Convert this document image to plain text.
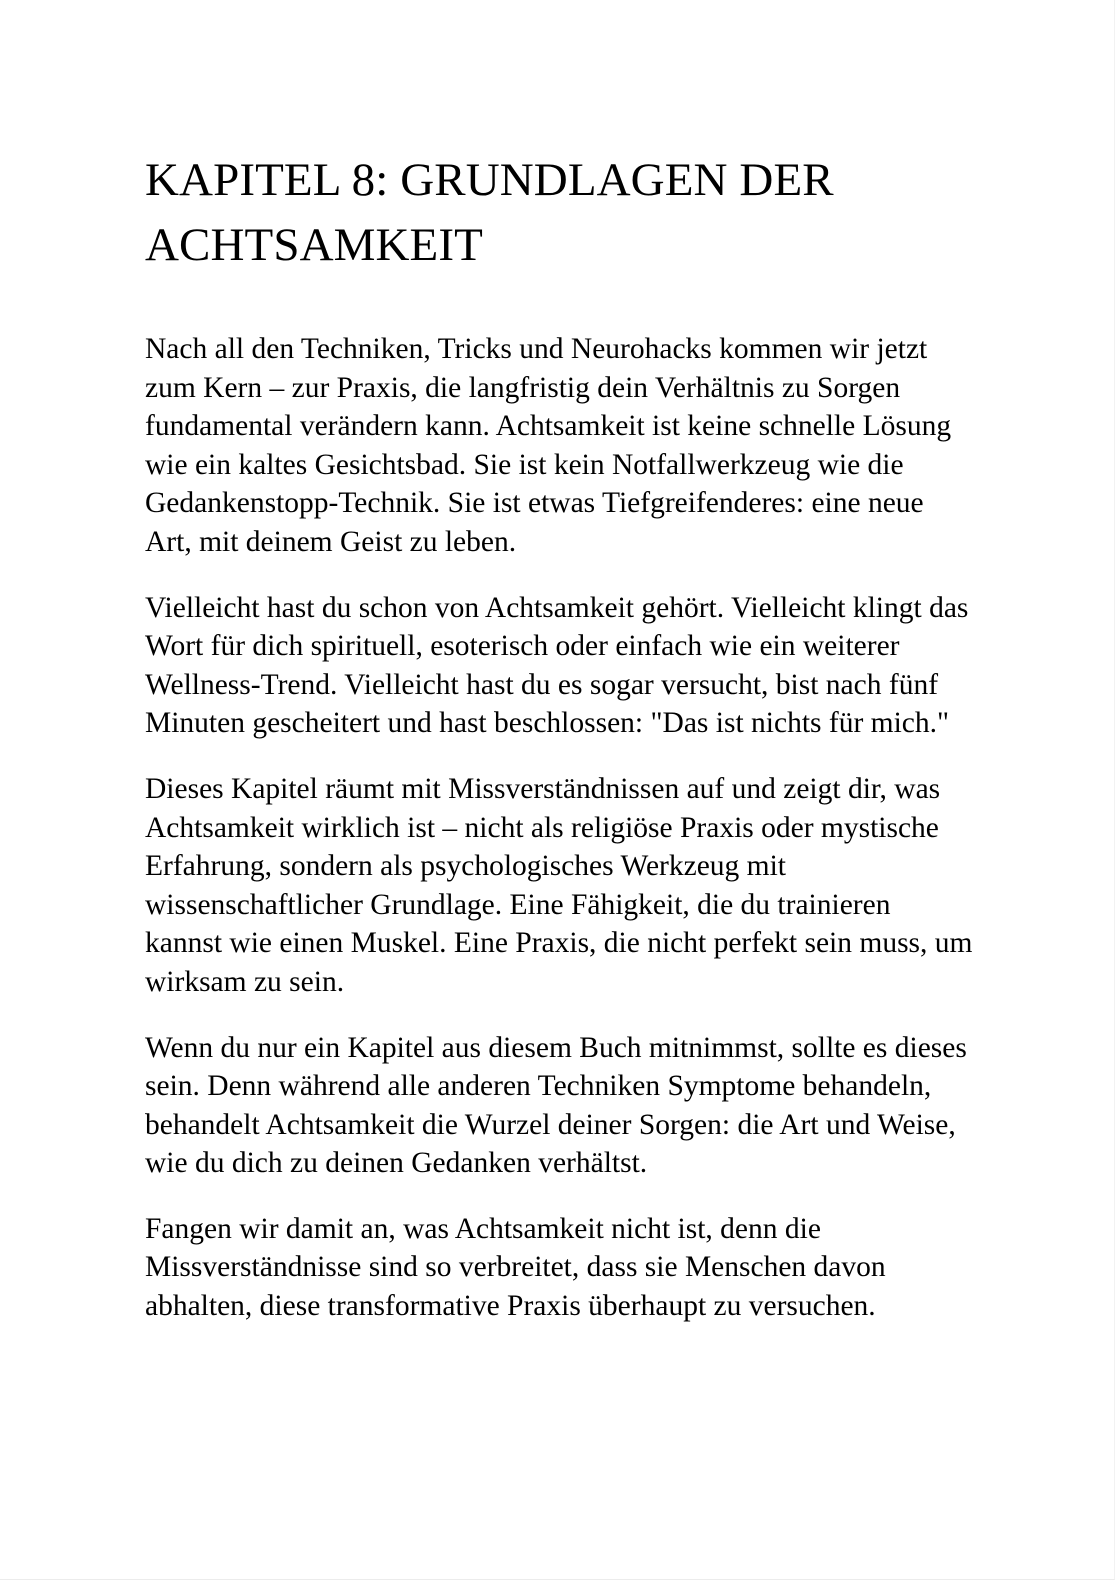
KAPITEL 8: GRUNDLAGEN DER ACHTSAMKEIT

Nach all den Techniken, Tricks und Neurohacks kommen wir jetzt zum Kern – zur Praxis, die langfristig dein Verhältnis zu Sorgen fundamental verändern kann. Achtsamkeit ist keine schnelle Lösung wie ein kaltes Gesichtsbad. Sie ist kein Notfallwerkzeug wie die Gedankenstopp-Technik. Sie ist etwas Tiefgreifenderes: eine neue Art, mit deinem Geist zu leben.

Vielleicht hast du schon von Achtsamkeit gehört. Vielleicht klingt das Wort für dich spirituell, esoterisch oder einfach wie ein weiterer Wellness-Trend. Vielleicht hast du es sogar versucht, bist nach fünf Minuten gescheitert und hast beschlossen: "Das ist nichts für mich."

Dieses Kapitel räumt mit Missverständnissen auf und zeigt dir, was Achtsamkeit wirklich ist – nicht als religiöse Praxis oder mystische Erfahrung, sondern als psychologisches Werkzeug mit wissenschaftlicher Grundlage. Eine Fähigkeit, die du trainieren kannst wie einen Muskel. Eine Praxis, die nicht perfekt sein muss, um wirksam zu sein.

Wenn du nur ein Kapitel aus diesem Buch mitnimmst, sollte es dieses sein. Denn während alle anderen Techniken Symptome behandeln, behandelt Achtsamkeit die Wurzel deiner Sorgen: die Art und Weise, wie du dich zu deinen Gedanken verhältst.

Fangen wir damit an, was Achtsamkeit nicht ist, denn die Missverständnisse sind so verbreitet, dass sie Menschen davon abhalten, diese transformative Praxis überhaupt zu versuchen.
